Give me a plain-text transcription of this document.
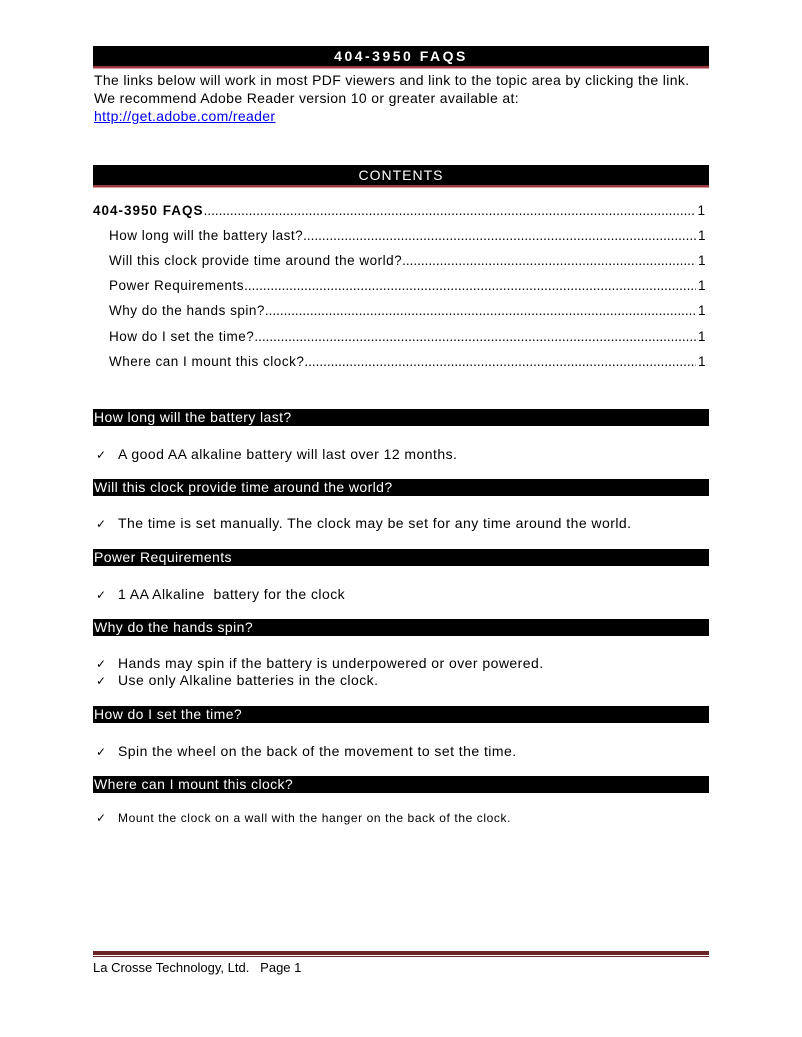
404-3950 FAQS
The links below will work in most PDF viewers and link to the topic area by clicking the link. We recommend Adobe Reader version 10 or greater available at:
http://get.adobe.com/reader
CONTENTS
404-3950 FAQS .....	1
How long will the battery last? .....	1
Will this clock provide time around the world? .....	1
Power Requirements .....	1
Why do the hands spin? .....	1
How do I set the time? .....	1
Where can I mount this clock? .....	1
How long will the battery last?
✓ A good AA alkaline battery will last over 12 months.
Will this clock provide time around the world?
✓ The time is set manually. The clock may be set for any time around the world.
Power Requirements
✓ 1 AA Alkaline  battery for the clock
Why do the hands spin?
✓ Hands may spin if the battery is underpowered or over powered.
✓ Use only Alkaline batteries in the clock.
How do I set the time?
✓ Spin the wheel on the back of the movement to set the time.
Where can I mount this clock?
✓ Mount the clock on a wall with the hanger on the back of the clock.
La Crosse Technology, Ltd.   Page 1
